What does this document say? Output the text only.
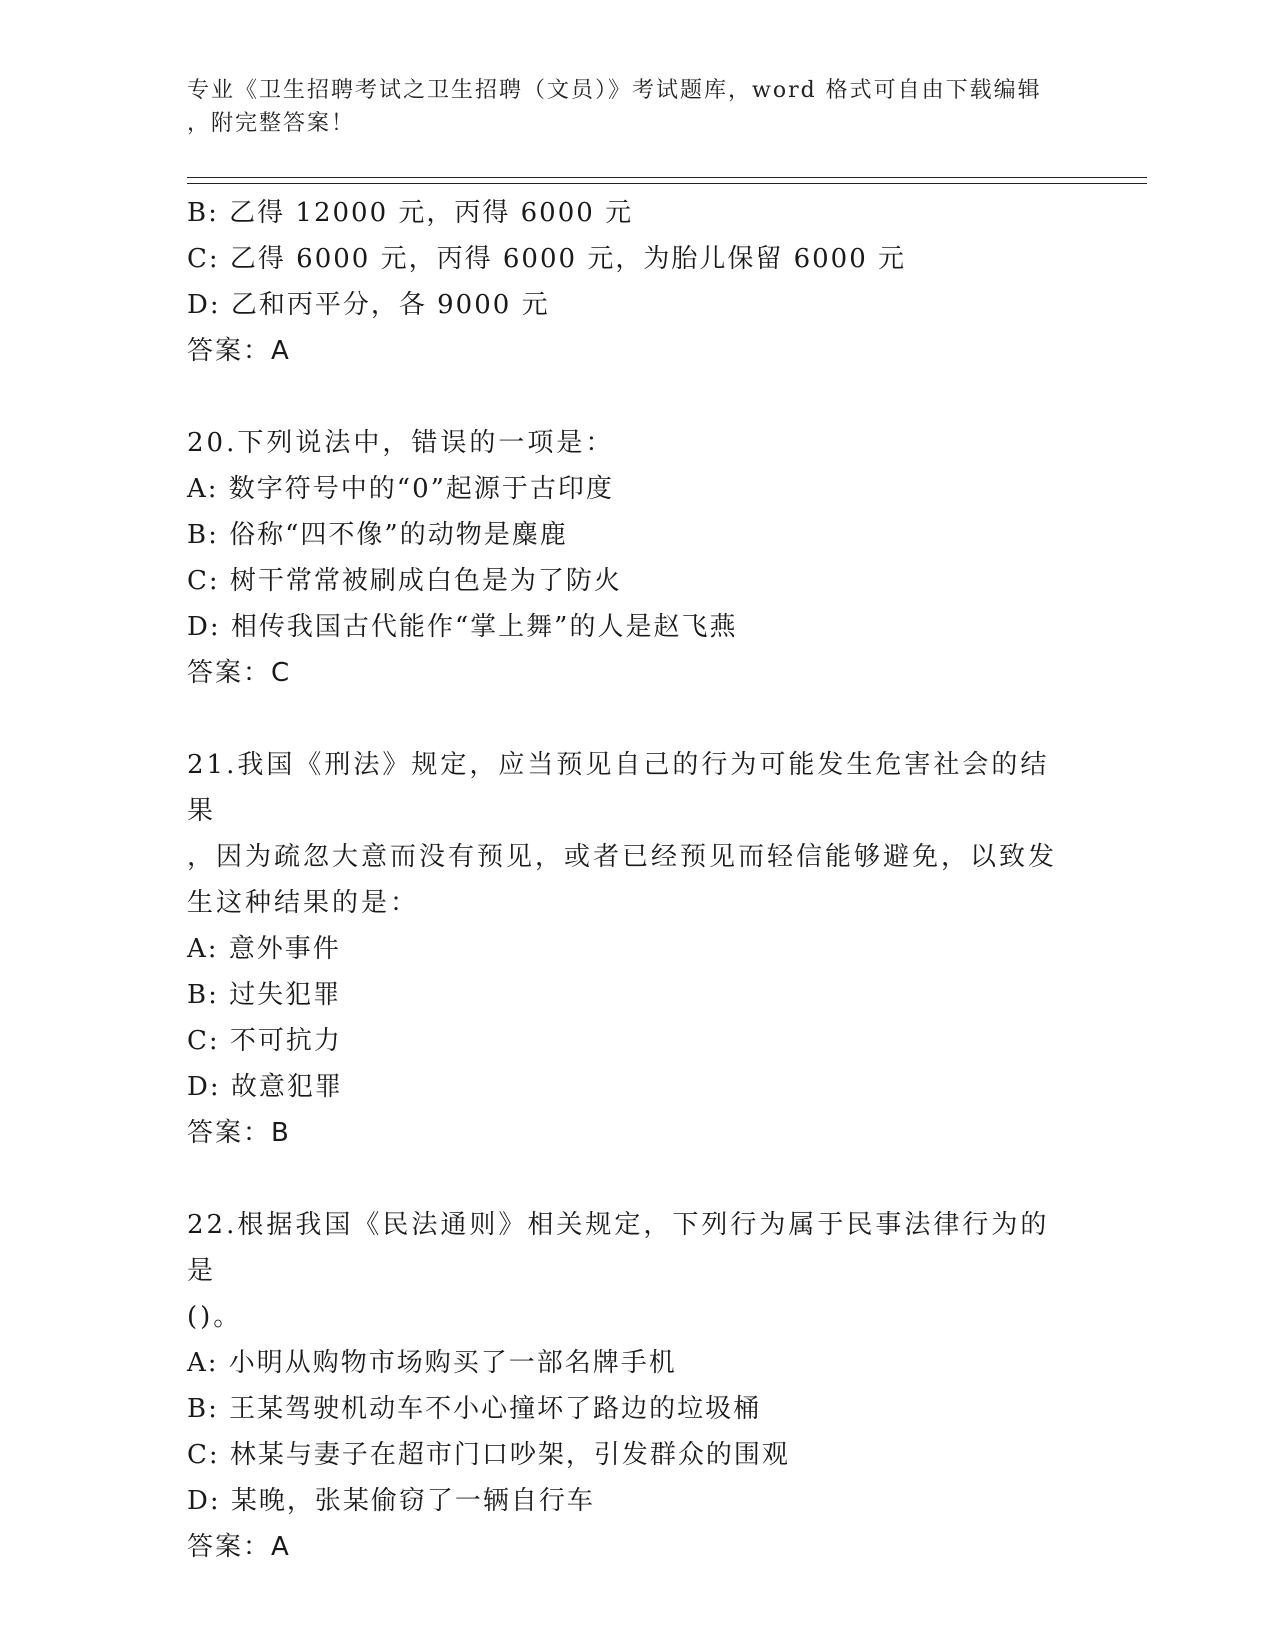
专业《卫生招聘考试之卫生招聘（文员）》考试题库，word 格式可自由下载编辑
，附完整答案！
B: 乙得 12000 元，丙得 6000 元
C: 乙得 6000 元，丙得 6000 元，为胎儿保留 6000 元
D: 乙和丙平分，各 9000 元
答案：A
20.下列说法中，错误的一项是：
A: 数字符号中的“0”起源于古印度
B: 俗称“四不像”的动物是麋鹿
C: 树干常常被刷成白色是为了防火
D: 相传我国古代能作“掌上舞”的人是赵飞燕
答案：C
21.我国《刑法》规定，应当预见自己的行为可能发生危害社会的结果
，因为疏忽大意而没有预见，或者已经预见而轻信能够避免，以致发
生这种结果的是：
A: 意外事件
B: 过失犯罪
C: 不可抗力
D: 故意犯罪
答案：B
22.根据我国《民法通则》相关规定，下列行为属于民事法律行为的是
()。
A: 小明从购物市场购买了一部名牌手机
B: 王某驾驶机动车不小心撞坏了路边的垃圾桶
C: 林某与妻子在超市门口吵架，引发群众的围观
D: 某晚，张某偷窃了一辆自行车
答案：A
